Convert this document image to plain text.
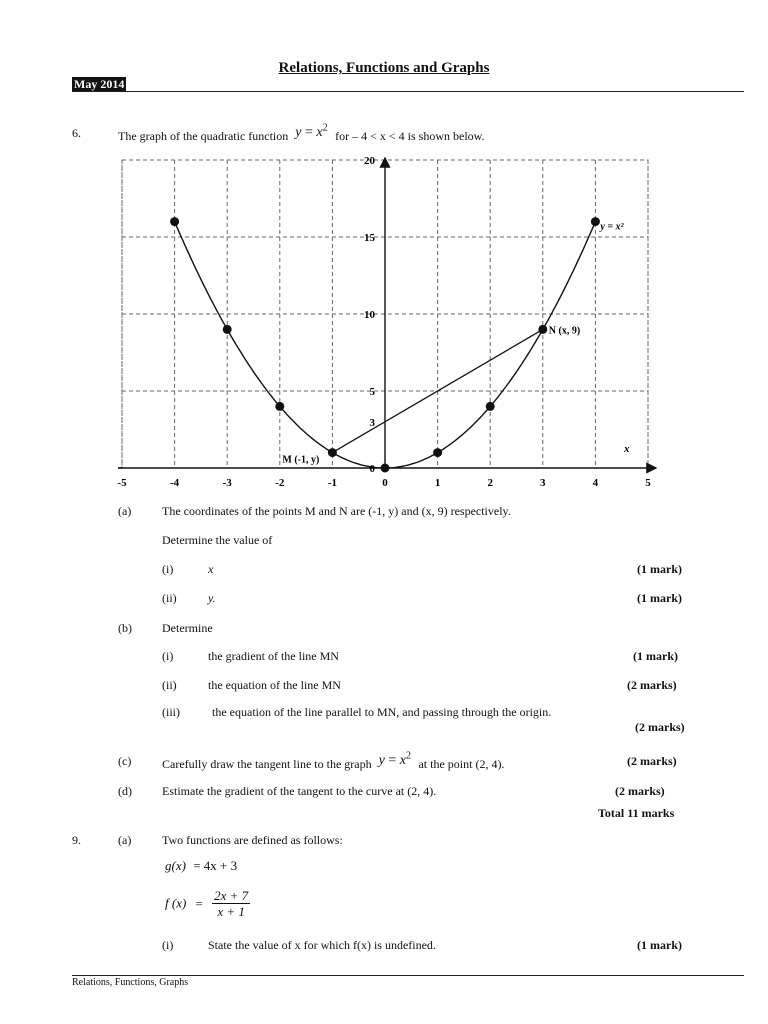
Relations, Functions and Graphs
May 2014
6.	The graph of the quadratic function $y = x^2$ for – 4 < x < 4 is shown below.
-5	-4	-3	-2	-1	0	1	2	3	4	5
20
15
10
5
3
0
x
M (-1, y)
N (x, 9)
y = x²
(a)	The coordinates of the points M and N are (-1, y) and (x, 9) respectively.
Determine the value of
(i)	x	(1 mark)
(ii)	y.	(1 mark)
(b)	Determine
(i)	the gradient of the line MN	(1 mark)
(ii)	the equation of the line MN	(2 marks)
(iii)	the equation of the line parallel to MN, and passing through the origin.
(2 marks)
(c)	Carefully draw the tangent line to the graph $y = x^2$ at the point (2, 4).	(2 marks)
(d)	Estimate the gradient of the tangent to the curve at (2, 4).	(2 marks)
Total 11 marks
9.	(a)	Two functions are defined as follows:
g(x) = 4x + 3
f $(x) = \frac{2x + 7}{x + 1}$
(i)	State the value of x for which f(x) is undefined.	(1 mark)
Relations, Functions, Graphs
